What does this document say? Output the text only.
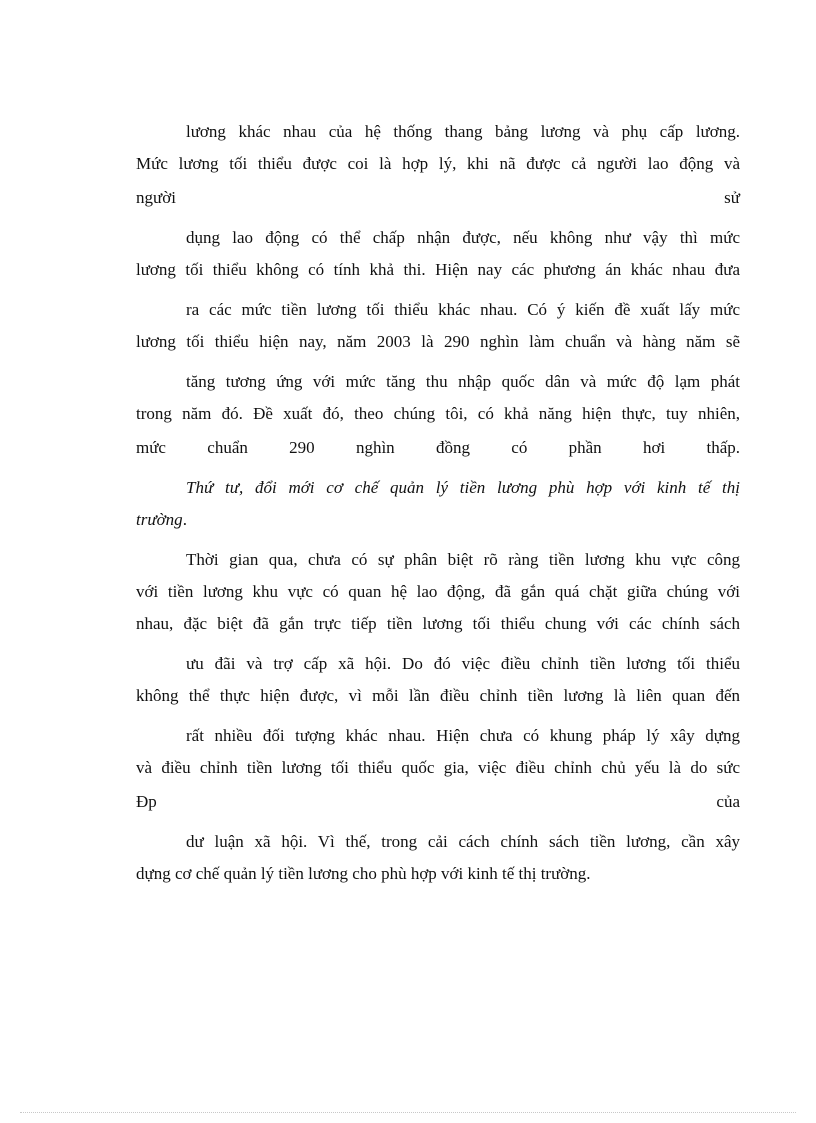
lương khác nhau của hệ thống thang bảng lương và phụ cấp lương.
Mức lương tối thiểu được coi là hợp lý, khi nã được cả người lao động và
người	sử
dụng lao động có thể chấp nhận được, nếu không như vậy thì mức
lương tối thiểu không có tính khả thi. Hiện nay các phương án khác nhau đưa
ra các mức tiền lương tối thiểu khác nhau. Có ý kiến đề xuất lấy mức
lương tối thiểu hiện nay, năm 2003 là 290 nghìn làm chuẩn và hàng năm sẽ
tăng tương ứng với mức tăng thu nhập quốc dân và mức độ lạm phát
trong năm đó. Đề xuất đó, theo chúng tôi, có khả năng hiện thực, tuy nhiên,
mức chuẩn 290 nghìn đồng có phần hơi thấp.
Thứ tư, đổi mới cơ chế quản lý tiền lương phù hợp với kinh tế thị
trường.
Thời gian qua, chưa có sự phân biệt rõ ràng tiền lương khu vực công
với tiền lương khu vực có quan hệ lao động, đã gắn quá chặt giữa chúng với
nhau, đặc biệt đã gắn trực tiếp tiền lương tối thiểu chung với các chính sách
ưu đãi và trợ cấp xã hội. Do đó việc điều chỉnh tiền lương tối thiểu
không thể thực hiện được, vì mỗi lần điều chỉnh tiền lương là liên quan đến
rất nhiều đối tượng khác nhau. Hiện chưa có khung pháp lý xây dựng
và điều chỉnh tiền lương tối thiểu quốc gia, việc điều chỉnh chủ yếu là do sức
Đp	của
dư luận xã hội. Vì thế, trong cải cách chính sách tiền lương, cần xây
dựng cơ chế quản lý tiền lương cho phù hợp với kinh tế thị trường.
